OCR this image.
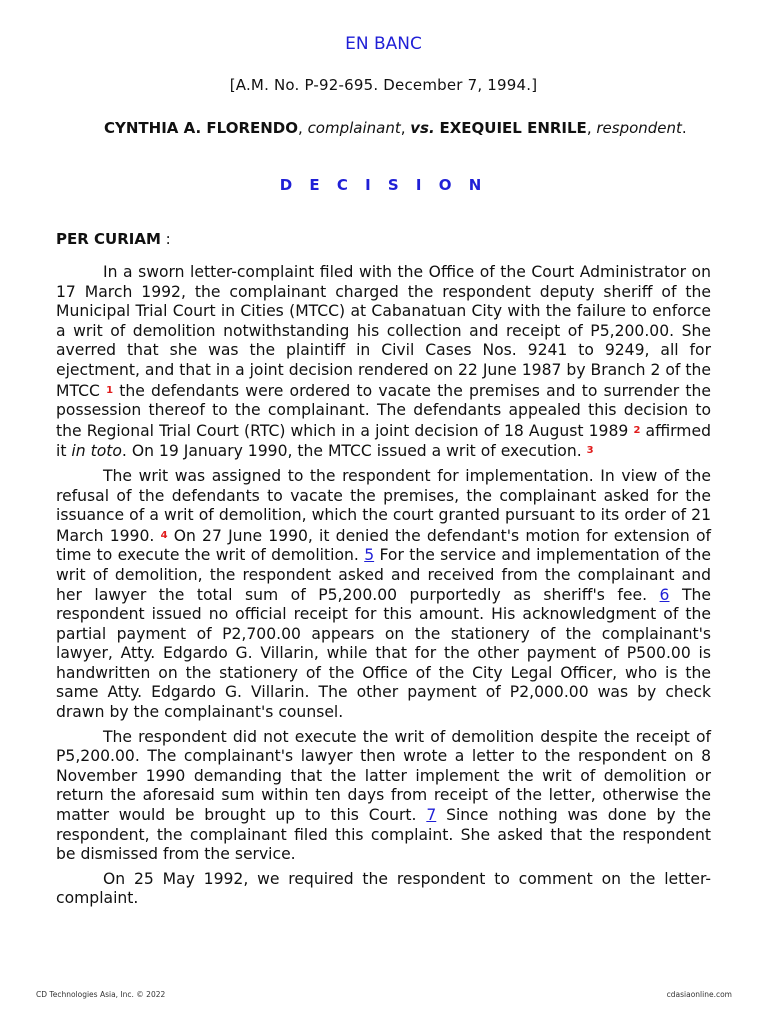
EN BANC
[A.M. No. P-92-695. December 7, 1994.]
CYNTHIA A. FLORENDO, complainant, vs. EXEQUIEL ENRILE, respondent.
D E C I S I O N
PER CURIAM :

In a sworn letter-complaint filed with the Office of the Court Administrator on 17 March 1992, the complainant charged the respondent deputy sheriff of the Municipal Trial Court in Cities (MTCC) at Cabanatuan City with the failure to enforce a writ of demolition notwithstanding his collection and receipt of P5,200.00. She averred that she was the plaintiff in Civil Cases Nos. 9241 to 9249, all for ejectment, and that in a joint decision rendered on 22 June 1987 by Branch 2 of the MTCC 1 the defendants were ordered to vacate the premises and to surrender the possession thereof to the complainant. The defendants appealed this decision to the Regional Trial Court (RTC) which in a joint decision of 18 August 1989 2 affirmed it in toto. On 19 January 1990, the MTCC issued a writ of execution. 3

The writ was assigned to the respondent for implementation. In view of the refusal of the defendants to vacate the premises, the complainant asked for the issuance of a writ of demolition, which the court granted pursuant to its order of 21 March 1990. 4 On 27 June 1990, it denied the defendant's motion for extension of time to execute the writ of demolition. 5 For the service and implementation of the writ of demolition, the respondent asked and received from the complainant and her lawyer the total sum of P5,200.00 purportedly as sheriff's fee. 6 The respondent issued no official receipt for this amount. His acknowledgment of the partial payment of P2,700.00 appears on the stationery of the complainant's lawyer, Atty. Edgardo G. Villarin, while that for the other payment of P500.00 is handwritten on the stationery of the Office of the City Legal Officer, who is the same Atty. Edgardo G. Villarin. The other payment of P2,000.00 was by check drawn by the complainant's counsel.

The respondent did not execute the writ of demolition despite the receipt of P5,200.00. The complainant's lawyer then wrote a letter to the respondent on 8 November 1990 demanding that the latter implement the writ of demolition or return the aforesaid sum within ten days from receipt of the letter, otherwise the matter would be brought up to this Court. 7 Since nothing was done by the respondent, the complainant filed this complaint. She asked that the respondent be dismissed from the service.

On 25 May 1992, we required the respondent to comment on the letter-complaint.

CD Technologies Asia, Inc. © 2022	cdasiaonline.com
